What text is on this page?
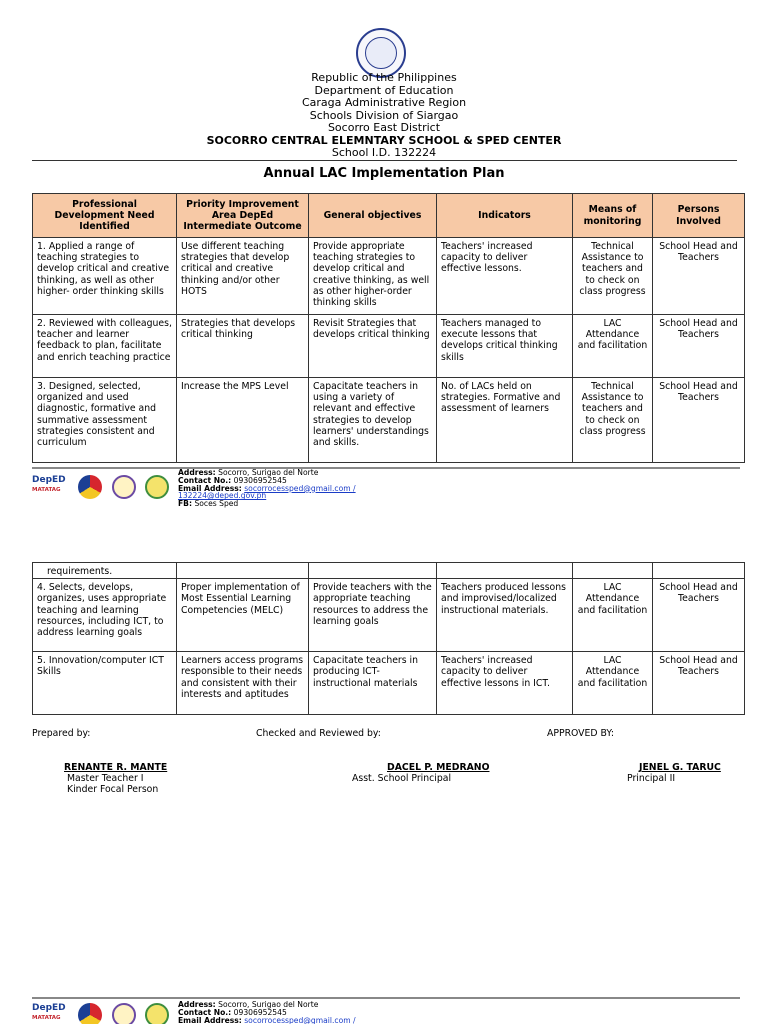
Republic of the Philippines
Department of Education
Caraga Administrative Region
Schools Division of Siargao
Socorro East District
SOCORRO CENTRAL ELEMNTARY SCHOOL & SPED CENTER
School I.D. 132224
Annual LAC Implementation Plan
Professional Development Need Identified	Priority Improvement Area DepEd Intermediate Outcome	General objectives	Indicators	Means of monitoring	Persons Involved
1. Applied a range of teaching strategies to develop critical and creative thinking, as well as other higher- order thinking skills	Use different teaching strategies that develop critical and creative thinking and/or other HOTS	Provide appropriate teaching strategies to develop critical and creative thinking, as well as other higher-order thinking skills	Teachers' increased capacity to deliver effective lessons.	Technical Assistance to teachers and to check on class progress	School Head and Teachers
2. Reviewed with colleagues, teacher and learner feedback to plan, facilitate and enrich teaching practice	Strategies that develops critical thinking	Revisit Strategies that develops critical thinking	Teachers managed to execute lessons that develops critical thinking skills	LAC Attendance and facilitation	School Head and Teachers
3. Designed, selected, organized and used diagnostic, formative and summative assessment strategies consistent and curriculum	Increase the MPS Level	Capacitate teachers in using a variety of relevant and effective strategies to develop learners' understandings and skills.	No. of LACs held on strategies. Formative and assessment of learners	Technical Assistance to teachers and to check on class progress	School Head and Teachers
DepED
MATATAG
Address: Socorro, Surigao del Norte
Contact No.: 09306952545
Email Address: socorrocessped@gmail.com /
132224@deped.gov.ph
FB: Soces Sped
requirements.					
4. Selects, develops, organizes, uses appropriate teaching and learning resources, including ICT, to address learning goals	Proper implementation of Most Essential Learning Competencies (MELC)	Provide teachers with the appropriate teaching resources to address the learning goals	Teachers produced lessons and improvised/localized instructional materials.	LAC Attendance and facilitation	School Head and Teachers
5. Innovation/computer ICT Skills	Learners access programs responsible to their needs and consistent with their interests and aptitudes	Capacitate teachers in producing ICT-instructional materials	Teachers' increased capacity to deliver effective lessons in ICT.	LAC Attendance and facilitation	School Head and Teachers
Prepared by:	Checked and Reviewed by:	APPROVED BY:
RENANTE R. MANTE
Master Teacher I
Kinder Focal Person
DACEL P. MEDRANO
Asst. School Principal
JENEL G. TARUC
Principal II
DepED
MATATAG
Address: Socorro, Surigao del Norte
Contact No.: 09306952545
Email Address: socorrocessped@gmail.com /
